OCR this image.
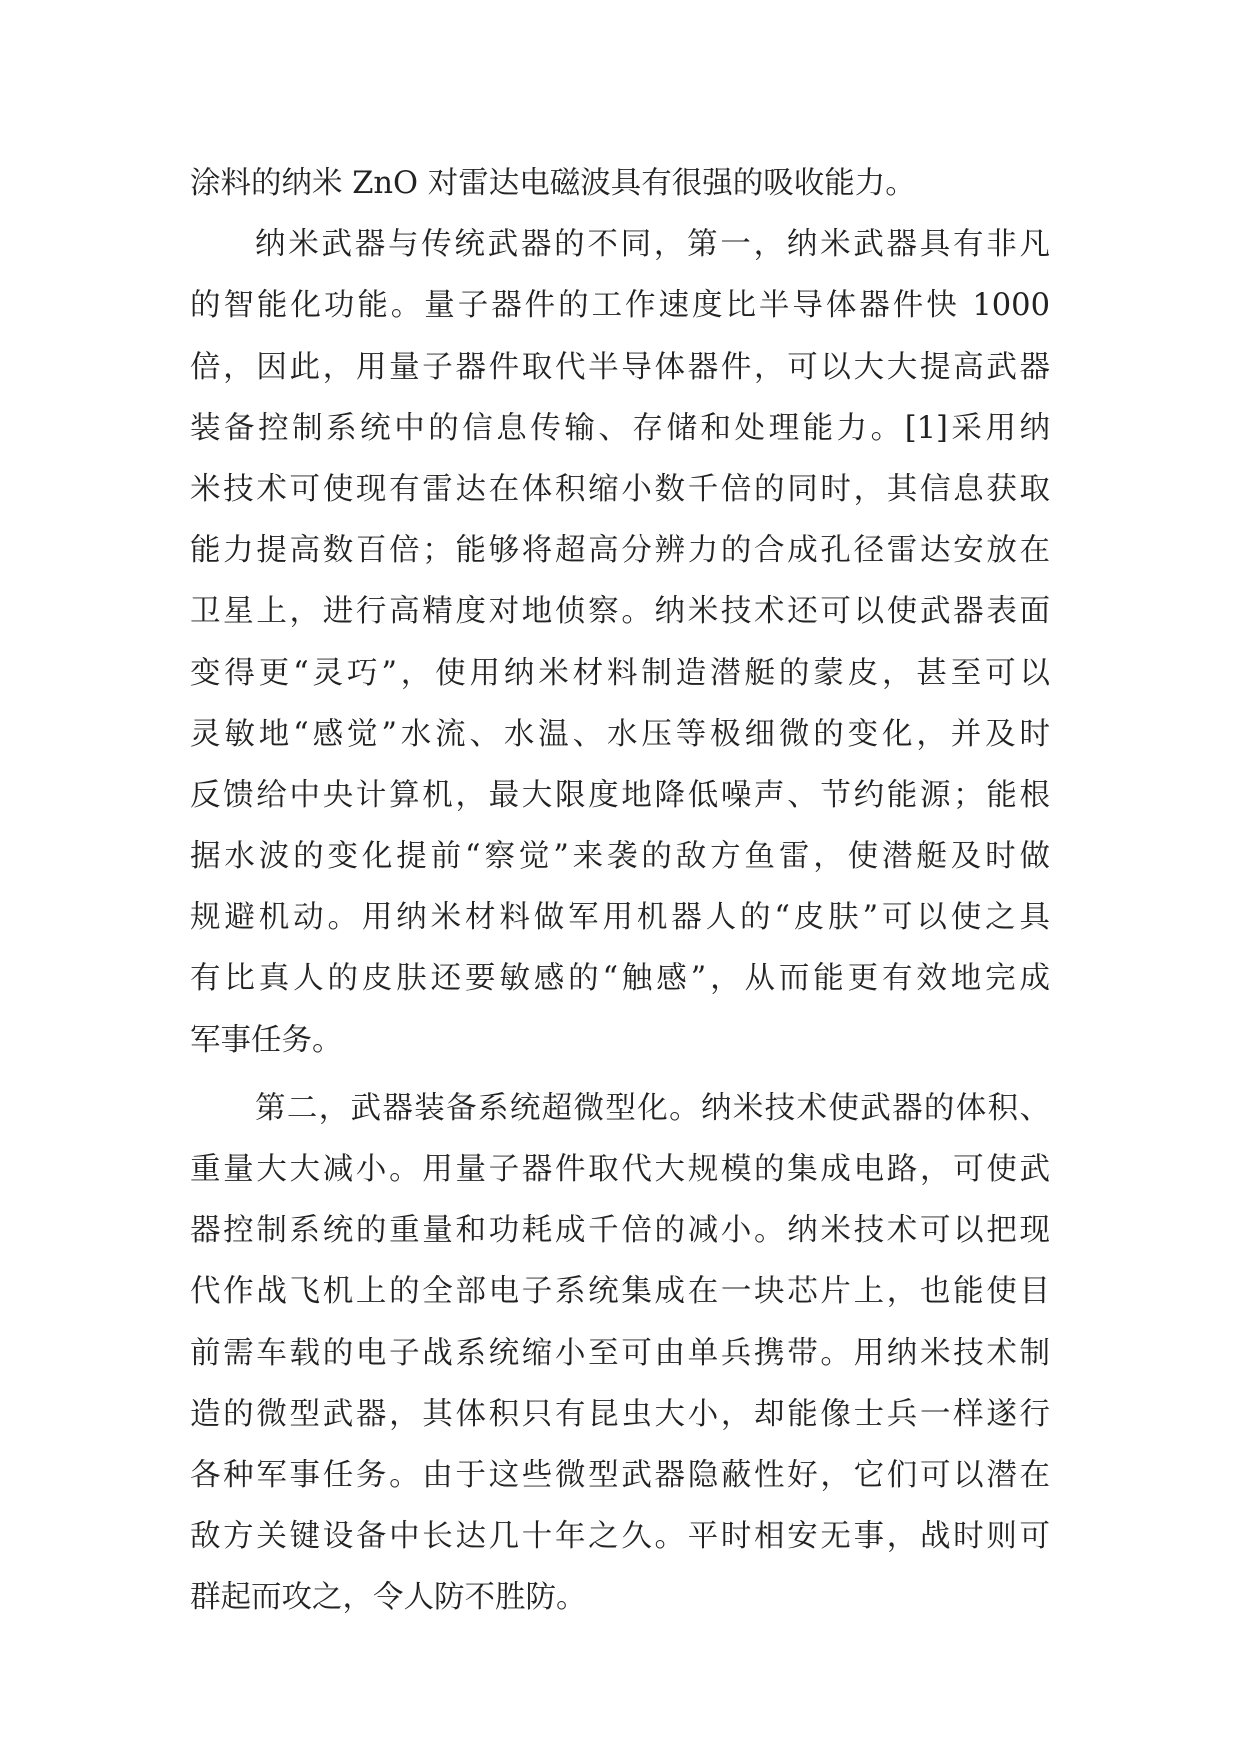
涂料的纳米 ZnO 对雷达电磁波具有很强的吸收能力。
纳米武器与传统武器的不同，第一，纳米武器具有非凡
的智能化功能。量子器件的工作速度比半导体器件快 1000
倍，因此，用量子器件取代半导体器件，可以大大提高武器
装备控制系统中的信息传输、存储和处理能力。[1]采用纳
米技术可使现有雷达在体积缩小数千倍的同时，其信息获取
能力提高数百倍；能够将超高分辨力的合成孔径雷达安放在
卫星上，进行高精度对地侦察。纳米技术还可以使武器表面
变得更“灵巧”，使用纳米材料制造潜艇的蒙皮，甚至可以
灵敏地“感觉”水流、水温、水压等极细微的变化，并及时
反馈给中央计算机，最大限度地降低噪声、节约能源；能根
据水波的变化提前“察觉”来袭的敌方鱼雷，使潜艇及时做
规避机动。用纳米材料做军用机器人的“皮肤”可以使之具
有比真人的皮肤还要敏感的“触感”，从而能更有效地完成
军事任务。
第二，武器装备系统超微型化。纳米技术使武器的体积、
重量大大减小。用量子器件取代大规模的集成电路，可使武
器控制系统的重量和功耗成千倍的减小。纳米技术可以把现
代作战飞机上的全部电子系统集成在一块芯片上，也能使目
前需车载的电子战系统缩小至可由单兵携带。用纳米技术制
造的微型武器，其体积只有昆虫大小，却能像士兵一样遂行
各种军事任务。由于这些微型武器隐蔽性好，它们可以潜在
敌方关键设备中长达几十年之久。平时相安无事，战时则可
群起而攻之，令人防不胜防。
